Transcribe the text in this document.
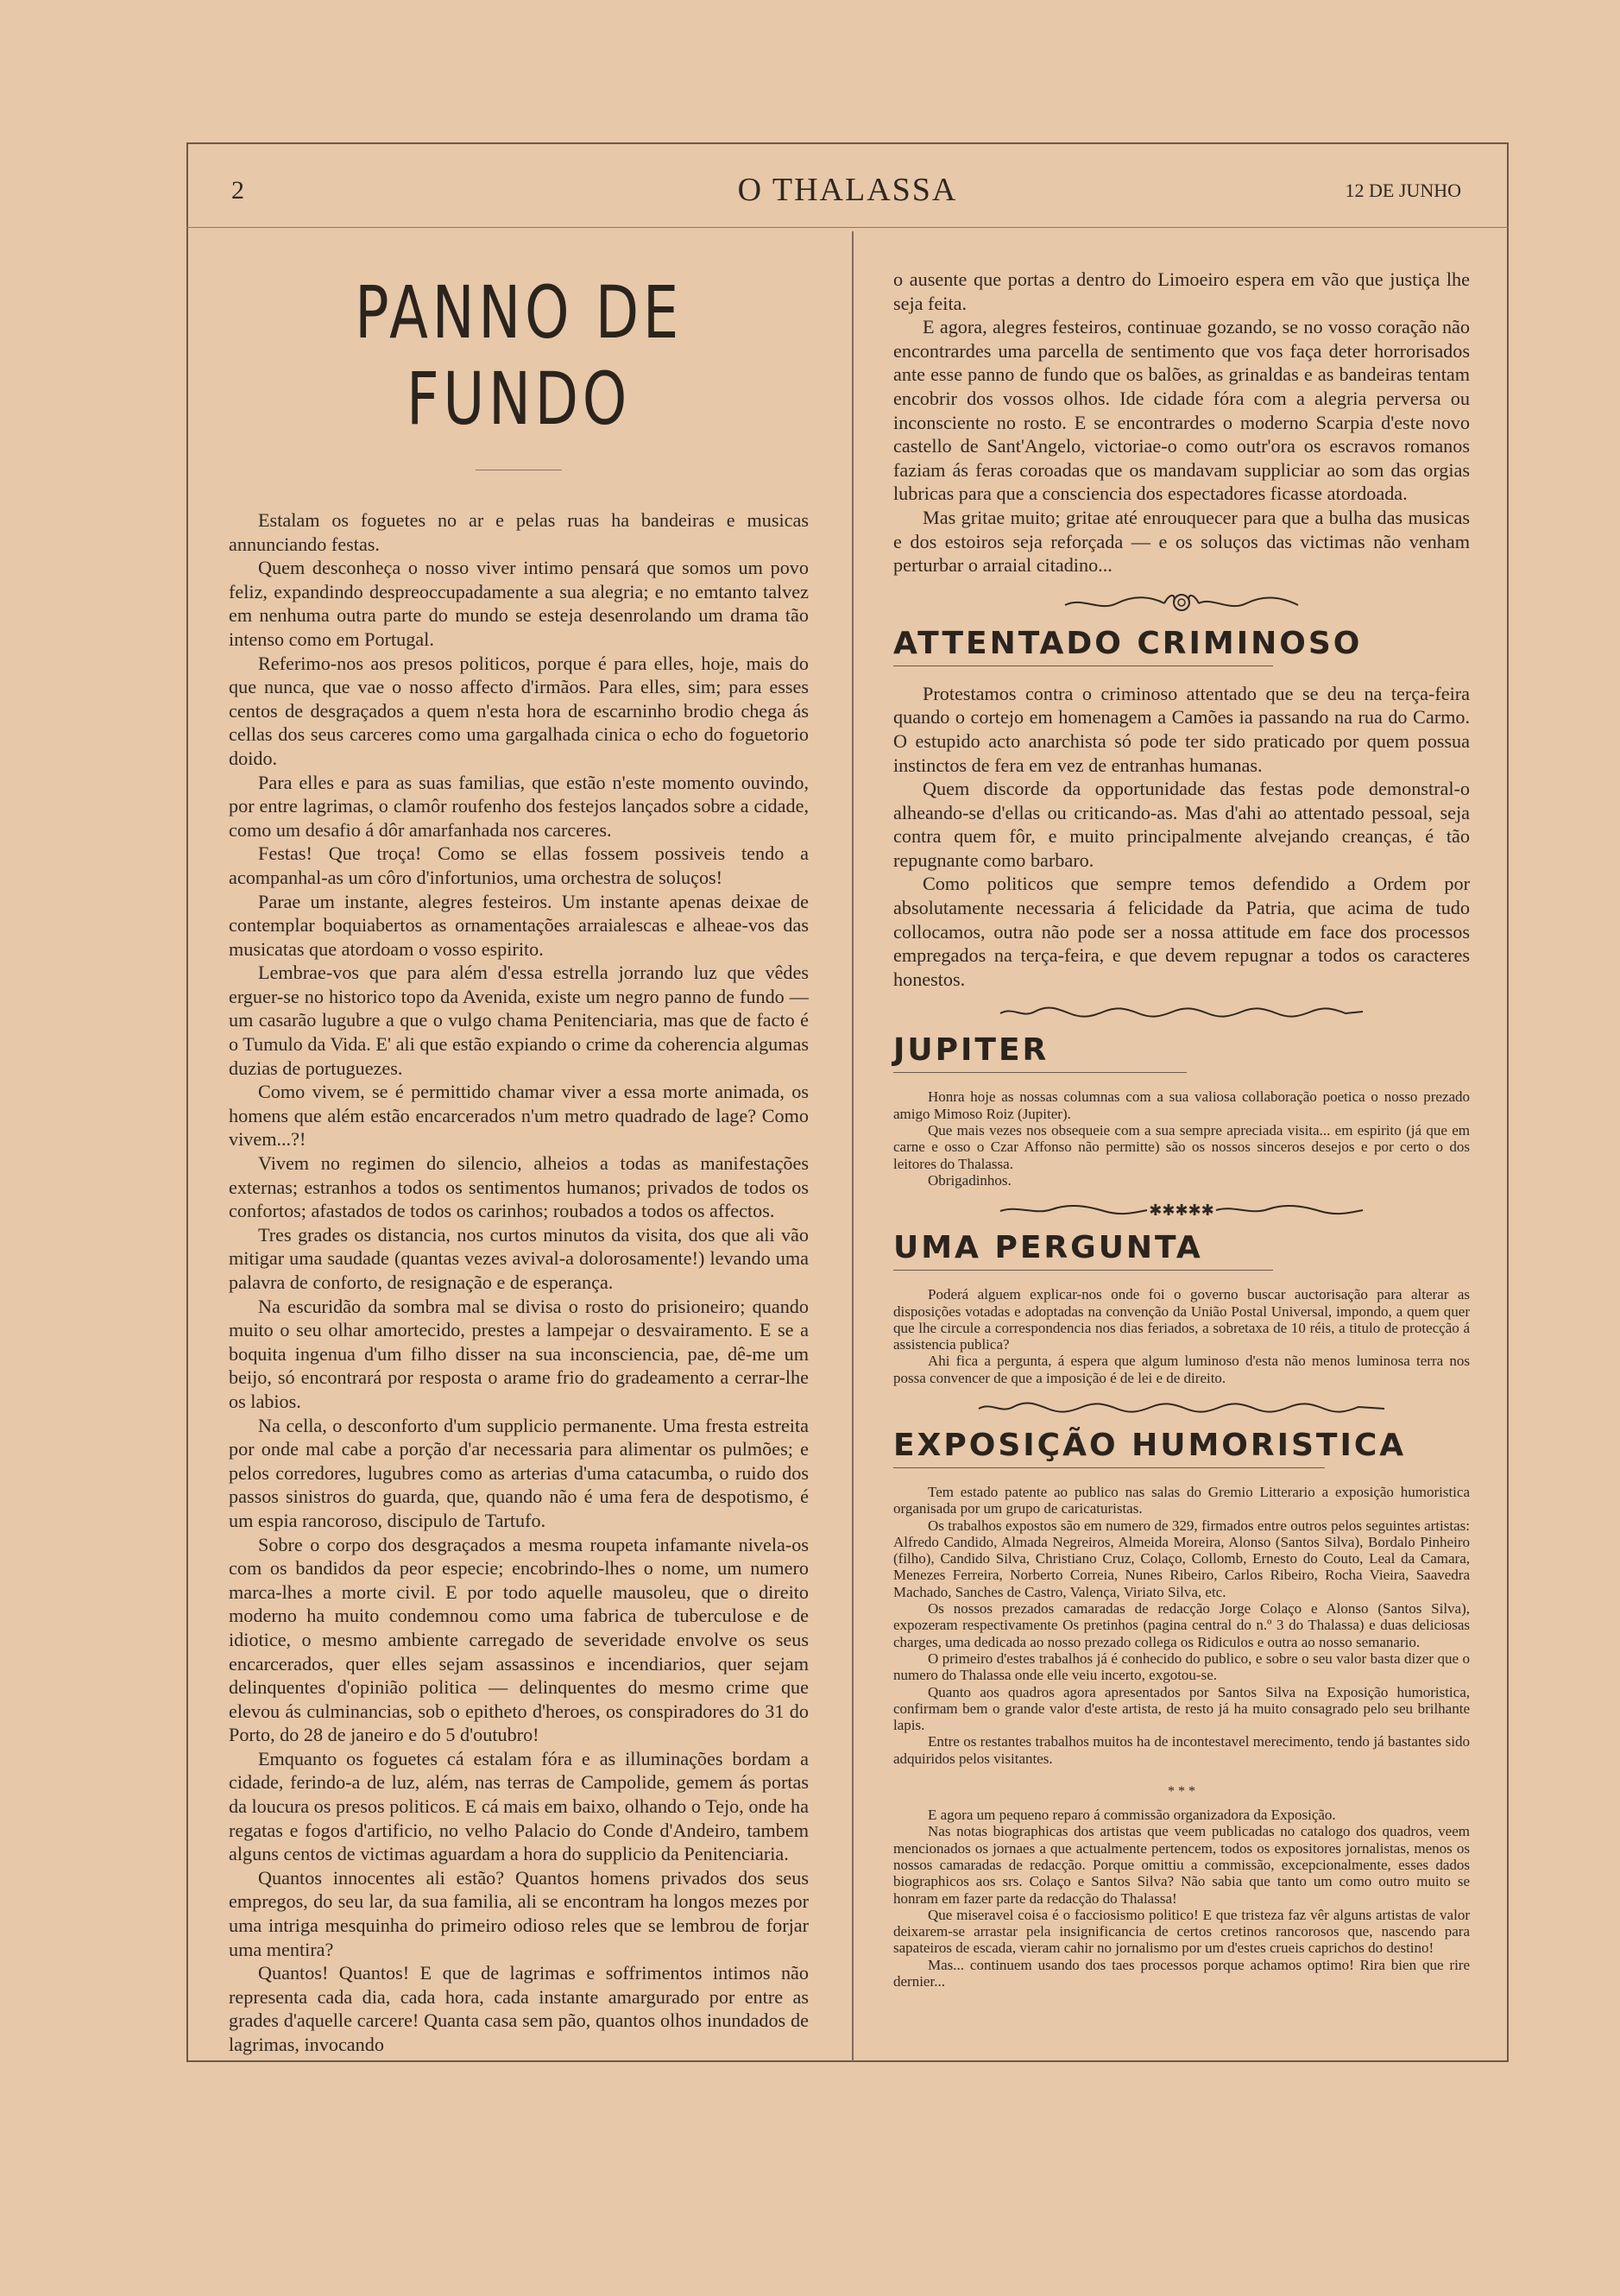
2	O THALASSA	12 DE JUNHO
PANNO DE FUNDO

Estalam os foguetes no ar e pelas ruas ha bandeiras e musicas annunciando festas.

Quem desconheça o nosso viver intimo pensará que somos um povo feliz, expandindo despreoccupadamente a sua alegria; e no emtanto talvez em nenhuma outra parte do mundo se esteja desenrolando um drama tão intenso como em Portugal.

Referimo-nos aos presos politicos, porque é para elles, hoje, mais do que nunca, que vae o nosso affecto d'irmãos. Para elles, sim; para esses centos de desgraçados a quem n'esta hora de escarninho brodio chega ás cellas dos seus carceres como uma gargalhada cinica o echo do foguetorio doido.

Para elles e para as suas familias, que estão n'este momento ouvindo, por entre lagrimas, o clamôr roufenho dos festejos lançados sobre a cidade, como um desafio á dôr amarfanhada nos carceres.

Festas! Que troça! Como se ellas fossem possiveis tendo a acompanhal-as um côro d'infortunios, uma orchestra de soluços!

Parae um instante, alegres festeiros. Um instante apenas deixae de contemplar boquiabertos as ornamentações arraialescas e alheae-vos das musicatas que atordoam o vosso espirito.

Lembrae-vos que para além d'essa estrella jorrando luz que vêdes erguer-se no historico topo da Avenida, existe um negro panno de fundo — um casarão lugubre a que o vulgo chama Penitenciaria, mas que de facto é o Tumulo da Vida. E' ali que estão expiando o crime da coherencia algumas duzias de portuguezes.

Como vivem, se é permittido chamar viver a essa morte animada, os homens que além estão encarcerados n'um metro quadrado de lage? Como vivem...?!

Vivem no regimen do silencio, alheios a todas as manifestações externas; estranhos a todos os sentimentos humanos; privados de todos os confortos; afastados de todos os carinhos; roubados a todos os affectos.

Tres grades os distancia, nos curtos minutos da visita, dos que ali vão mitigar uma saudade (quantas vezes avival-a dolorosamente!) levando uma palavra de conforto, de resignação e de esperança.

Na escuridão da sombra mal se divisa o rosto do prisioneiro; quando muito o seu olhar amortecido, prestes a lampejar o desvairamento. E se a boquita ingenua d'um filho disser na sua inconsciencia, pae, dê-me um beijo, só encontrará por resposta o arame frio do gradeamento a cerrar-lhe os labios.

Na cella, o desconforto d'um supplicio permanente. Uma fresta estreita por onde mal cabe a porção d'ar necessaria para alimentar os pulmões; e pelos corredores, lugubres como as arterias d'uma catacumba, o ruido dos passos sinistros do guarda, que, quando não é uma fera de despotismo, é um espia rancoroso, discipulo de Tartufo.

Sobre o corpo dos desgraçados a mesma roupeta infamante nivela-os com os bandidos da peor especie; encobrindo-lhes o nome, um numero marca-lhes a morte civil. E por todo aquelle mausoleu, que o direito moderno ha muito condemnou como uma fabrica de tuberculose e de idiotice, o mesmo ambiente carregado de severidade envolve os seus encarcerados, quer elles sejam assassinos e incendiarios, quer sejam delinquentes d'opinião politica — delinquentes do mesmo crime que elevou ás culminancias, sob o epitheto d'heroes, os conspiradores do 31 do Porto, do 28 de janeiro e do 5 d'outubro!

Emquanto os foguetes cá estalam fóra e as illuminações bordam a cidade, ferindo-a de luz, além, nas terras de Campolide, gemem ás portas da loucura os presos politicos. E cá mais em baixo, olhando o Tejo, onde ha regatas e fogos d'artificio, no velho Palacio do Conde d'Andeiro, tambem alguns centos de victimas aguardam a hora do supplicio da Penitenciaria.

Quantos innocentes ali estão? Quantos homens privados dos seus empregos, do seu lar, da sua familia, ali se encontram ha longos mezes por uma intriga mesquinha do primeiro odioso reles que se lembrou de forjar uma mentira?

Quantos! Quantos! E que de lagrimas e soffrimentos intimos não representa cada dia, cada hora, cada instante amargurado por entre as grades d'aquelle carcere! Quanta casa sem pão, quantos olhos inundados de lagrimas, invocando

o ausente que portas a dentro do Limoeiro espera em vão que justiça lhe seja feita.

E agora, alegres festeiros, continuae gozando, se no vosso coração não encontrardes uma parcella de sentimento que vos faça deter horrorisados ante esse panno de fundo que os balões, as grinaldas e as bandeiras tentam encobrir dos vossos olhos. Ide cidade fóra com a alegria perversa ou inconsciente no rosto. E se encontrardes o moderno Scarpia d'este novo castello de Sant'Angelo, victoriae-o como outr'ora os escravos romanos faziam ás feras coroadas que os mandavam suppliciar ao som das orgias lubricas para que a consciencia dos espectadores ficasse atordoada.

Mas gritae muito; gritae até enrouquecer para que a bulha das musicas e dos estoiros seja reforçada — e os soluços das victimas não venham perturbar o arraial citadino...

ATTENTADO CRIMINOSO

Protestamos contra o criminoso attentado que se deu na terça-feira quando o cortejo em homenagem a Camões ia passando na rua do Carmo. O estupido acto anarchista só pode ter sido praticado por quem possua instinctos de fera em vez de entranhas humanas.

Quem discorde da opportunidade das festas pode demonstral-o alheando-se d'ellas ou criticando-as. Mas d'ahi ao attentado pessoal, seja contra quem fôr, e muito principalmente alvejando creanças, é tão repugnante como barbaro.

Como politicos que sempre temos defendido a Ordem por absolutamente necessaria á felicidade da Patria, que acima de tudo collocamos, outra não pode ser a nossa attitude em face dos processos empregados na terça-feira, e que devem repugnar a todos os caracteres honestos.

JUPITER

Honra hoje as nossas columnas com a sua valiosa collaboração poetica o nosso prezado amigo Mimoso Roiz (Jupiter).

Que mais vezes nos obsequeie com a sua sempre apreciada visita... em espirito (já que em carne e osso o Czar Affonso não permitte) são os nossos sinceros desejos e por certo o dos leitores do Thalassa.

Obrigadinhos.

✱✱✱✱✱
UMA PERGUNTA

Poderá alguem explicar-nos onde foi o governo buscar auctorisação para alterar as disposições votadas e adoptadas na convenção da União Postal Universal, impondo, a quem quer que lhe circule a correspondencia nos dias feriados, a sobretaxa de 10 réis, a titulo de protecção á assistencia publica?

Ahi fica a pergunta, á espera que algum luminoso d'esta não menos luminosa terra nos possa convencer de que a imposição é de lei e de direito.

EXPOSIÇÃO HUMORISTICA

Tem estado patente ao publico nas salas do Gremio Litterario a exposição humoristica organisada por um grupo de caricaturistas.

Os trabalhos expostos são em numero de 329, firmados entre outros pelos seguintes artistas: Alfredo Candido, Almada Negreiros, Almeida Moreira, Alonso (Santos Silva), Bordalo Pinheiro (filho), Candido Silva, Christiano Cruz, Colaço, Collomb, Ernesto do Couto, Leal da Camara, Menezes Ferreira, Norberto Correia, Nunes Ribeiro, Carlos Ribeiro, Rocha Vieira, Saavedra Machado, Sanches de Castro, Valença, Viriato Silva, etc.

Os nossos prezados camaradas de redacção Jorge Colaço e Alonso (Santos Silva), expozeram respectivamente Os pretinhos (pagina central do n.º 3 do Thalassa) e duas deliciosas charges, uma dedicada ao nosso prezado collega os Ridiculos e outra ao nosso semanario.

O primeiro d'estes trabalhos já é conhecido do publico, e sobre o seu valor basta dizer que o numero do Thalassa onde elle veiu incerto, exgotou-se.

Quanto aos quadros agora apresentados por Santos Silva na Exposição humoristica, confirmam bem o grande valor d'este artista, de resto já ha muito consagrado pelo seu brilhante lapis.

Entre os restantes trabalhos muitos ha de incontestavel merecimento, tendo já bastantes sido adquiridos pelos visitantes.

* * *

E agora um pequeno reparo á commissão organizadora da Exposição.

Nas notas biographicas dos artistas que veem publicadas no catalogo dos quadros, veem mencionados os jornaes a que actualmente pertencem, todos os expositores jornalistas, menos os nossos camaradas de redacção. Porque omittiu a commissão, excepcionalmente, esses dados biographicos aos srs. Colaço e Santos Silva? Não sabia que tanto um como outro muito se honram em fazer parte da redacção do Thalassa!

Que miseravel coisa é o facciosismo politico! E que tristeza faz vêr alguns artistas de valor deixarem-se arrastar pela insignificancia de certos cretinos rancorosos que, nascendo para sapateiros de escada, vieram cahir no jornalismo por um d'estes crueis caprichos do destino!

Mas... continuem usando dos taes processos porque achamos optimo! Rira bien que rire dernier...
